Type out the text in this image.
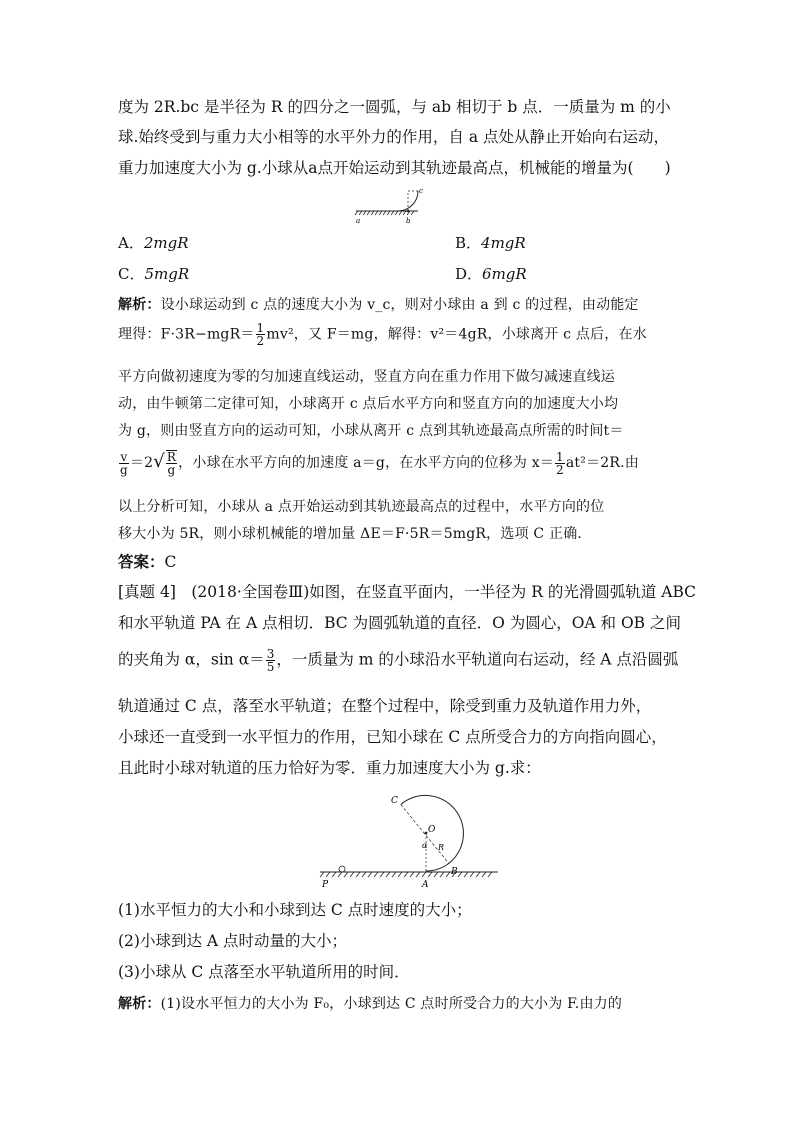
度为 2R.bc 是半径为 R 的四分之一圆弧，与 ab 相切于 b 点．一质量为 m 的小
球.始终受到与重力大小相等的水平外力的作用，自 a 点处从静止开始向右运动，
重力加速度大小为 g.小球从a点开始运动到其轨迹最高点，机械能的增量为(　　)
a	b
c
A．2mgR	B．4mgR
C．5mgR	D．6mgR
解析：设小球运动到 c 点的速度大小为 v_c，则对小球由 a 到 c 的过程，由动能定
理得：$F\cdot 3R-mgR= \frac{1}{2} mv^2$，又 F＝mg，解得：v²＝4gR，小球离开 c 点后，在水
平方向做初速度为零的匀加速直线运动，竖直方向在重力作用下做匀减速直线运
动，由牛顿第二定律可知，小球离开 c 点后水平方向和竖直方向的加速度大小均
为 g，则由竖直方向的运动可知，小球从离开 c 点到其轨迹最高点所需的时间t＝
$\frac{v}{g} =2√ \frac{R}{g}$ ，小球在水平方向的加速度 a＝g，在水平方向的位移为 $x= \frac{1}{2} at^2=2R$.由
以上分析可知，小球从 a 点开始运动到其轨迹最高点的过程中，水平方向的位
移大小为 5R，则小球机械能的增加量 ΔE＝F·5R＝5mgR，选项 C 正确．
答案：C
[真题 4]　(2018·全国卷Ⅲ)如图，在竖直平面内，一半径为 R 的光滑圆弧轨道 ABC
和水平轨道 PA 在 A 点相切．BC 为圆弧轨道的直径．O 为圆心，OA 和 OB 之间
的夹角为 α，$\sin \alpha= \frac{3}{5}$ ，一质量为 m 的小球沿水平轨道向右运动，经 A 点沿圆弧
轨道通过 C 点，落至水平轨道；在整个过程中，除受到重力及轨道作用力外，
小球还一直受到一水平恒力的作用，已知小球在 C 点所受合力的方向指向圆心，
且此时小球对轨道的压力恰好为零．重力加速度大小为 g.求：
C
O
α R
P	A
B
(1)水平恒力的大小和小球到达 C 点时速度的大小；
(2)小球到达 A 点时动量的大小；
(3)小球从 C 点落至水平轨道所用的时间．
解析：(1)设水平恒力的大小为 F₀，小球到达 C 点时所受合力的大小为 F.由力的
